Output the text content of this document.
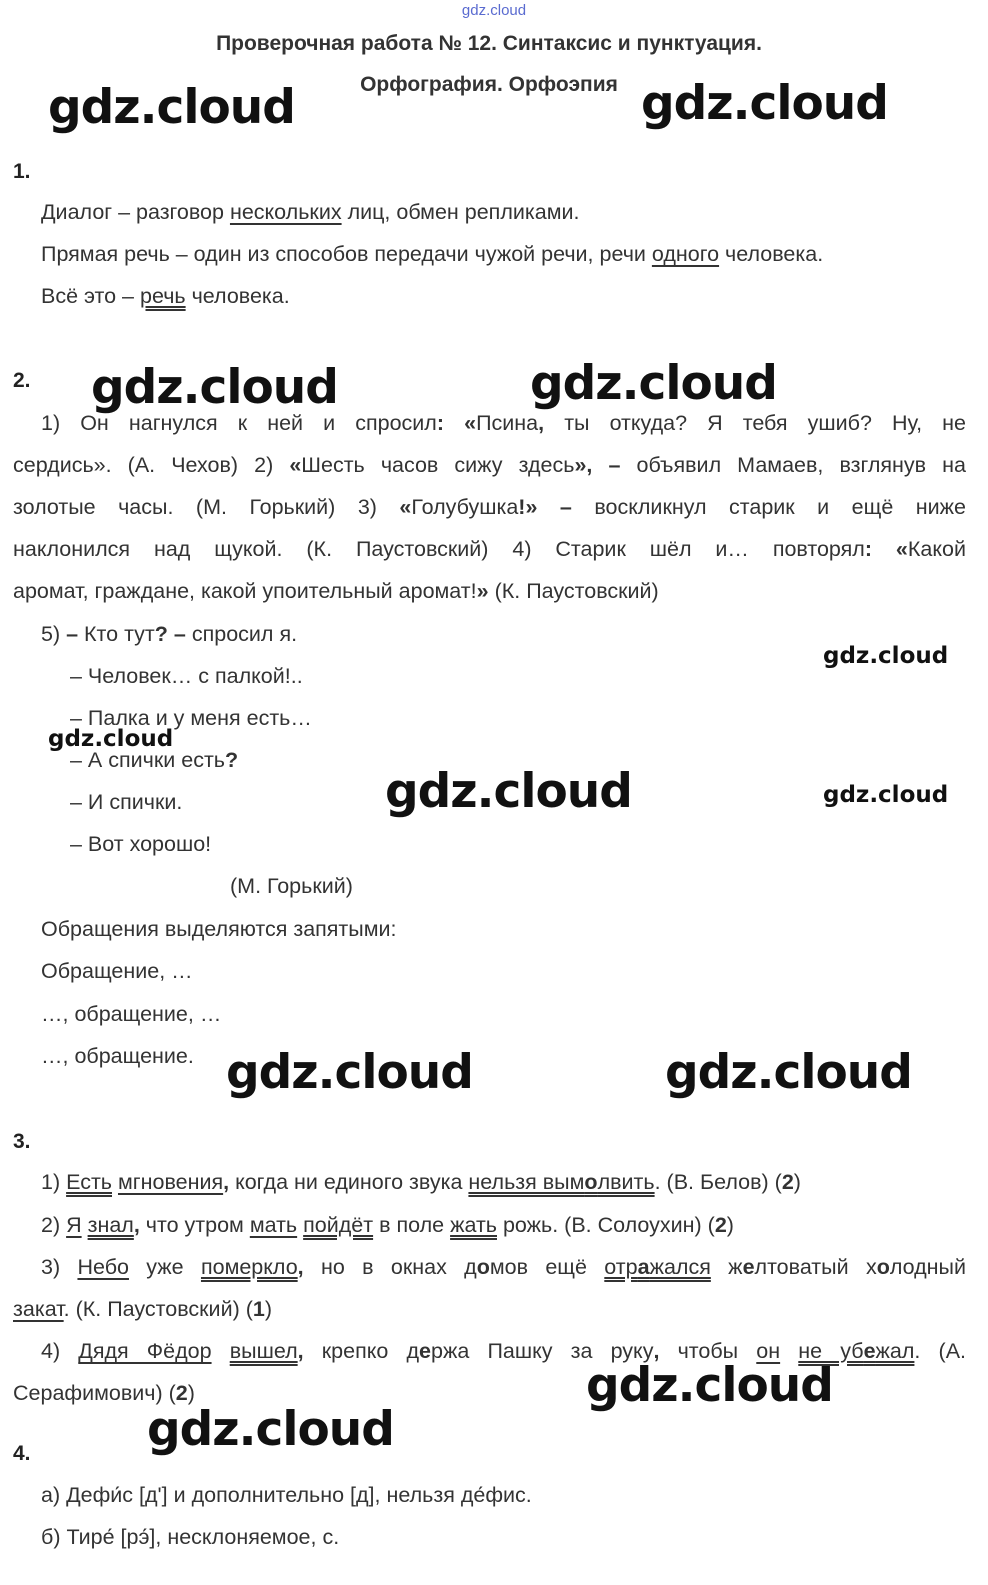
gdz.cloud
Проверочная работа № 12. Синтаксис и пунктуация.
Орфография. Орфоэпия
gdz.cloud	gdz.cloud
gdz.cloud	gdz.cloud
gdz.cloud
gdz.cloud
gdz.cloud	gdz.cloud
gdz.cloud	gdz.cloud
gdz.cloud
gdz.cloud
1.
Диалог – разговор нескольких лиц, обмен репликами.
Прямая речь – один из способов передачи чужой речи, речи одного человека.
Всё это – речь человека.
2.
1) Он нагнулся к ней и спросил: «Псина, ты откуда? Я тебя ушиб? Ну, не
сердись». (А. Чехов) 2) «Шесть часов сижу здесь», – объявил Мамаев, взглянув на
золотые часы. (М. Горький) 3) «Голубушка!» – воскликнул старик и ещё ниже
наклонился над щукой. (К. Паустовский) 4) Старик шёл и… повторял: «Какой
аромат, граждане, какой упоительный аромат!» (К. Паустовский)
5) – Кто тут? – спросил я.
– Человек… с палкой!..
– Палка и у меня есть…
– А спички есть?
– И спички.
– Вот хорошо!
(М. Горький)
Обращения выделяются запятыми:
Обращение, …
…, обращение, …
…, обращение.
3.
1) Есть мгновения, когда ни единого звука нельзя вымолвить. (В. Белов) (2)
2) Я знал, что утром мать пойдёт в поле жать рожь. (В. Солоухин) (2)
3) Небо уже померкло, но в окнах домов ещё отражался желтоватый холодный
закат. (К. Паустовский) (1)
4) Дядя Фёдор вышел, крепко держа Пашку за руку, чтобы он не убежал. (А.
Серафимович) (2)
4.
а) Дефи́с [д'] и дополнительно [д], нельзя де́фис.
б) Тире́ [рэ́], несклоняемое, с.
